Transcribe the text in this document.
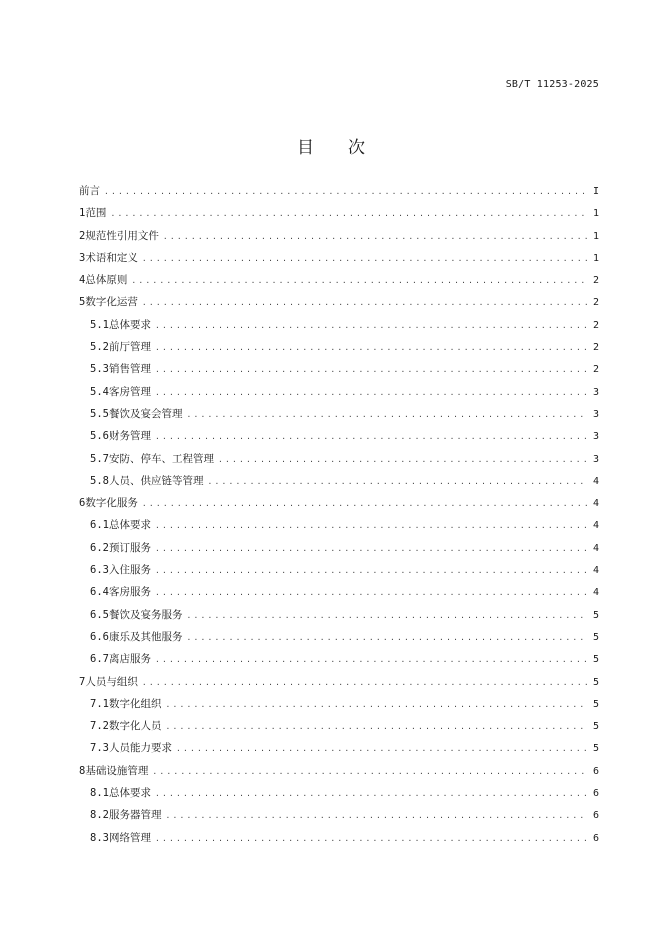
SB/T 11253-2025
目次
前言 .....	I
1 范围 .....	1
2 规范性引用文件 .....	1
3 术语和定义 .....	1
4 总体原则 .....	2
5 数字化运营 .....	2
5.1 总体要求 .....	2
5.2 前厅管理 .....	2
5.3 销售管理 .....	2
5.4 客房管理 .....	3
5.5 餐饮及宴会管理 .....	3
5.6 财务管理 .....	3
5.7 安防、停车、工程管理 .....	3
5.8 人员、供应链等管理 .....	4
6 数字化服务 .....	4
6.1 总体要求 .....	4
6.2 预订服务 .....	4
6.3 入住服务 .....	4
6.4 客房服务 .....	4
6.5 餐饮及宴务服务 .....	5
6.6 康乐及其他服务 .....	5
6.7 离店服务 .....	5
7 人员与组织 .....	5
7.1 数字化组织 .....	5
7.2 数字化人员 .....	5
7.3 人员能力要求 .....	5
8 基础设施管理 .....	6
8.1 总体要求 .....	6
8.2 服务器管理 .....	6
8.3 网络管理 .....	6
